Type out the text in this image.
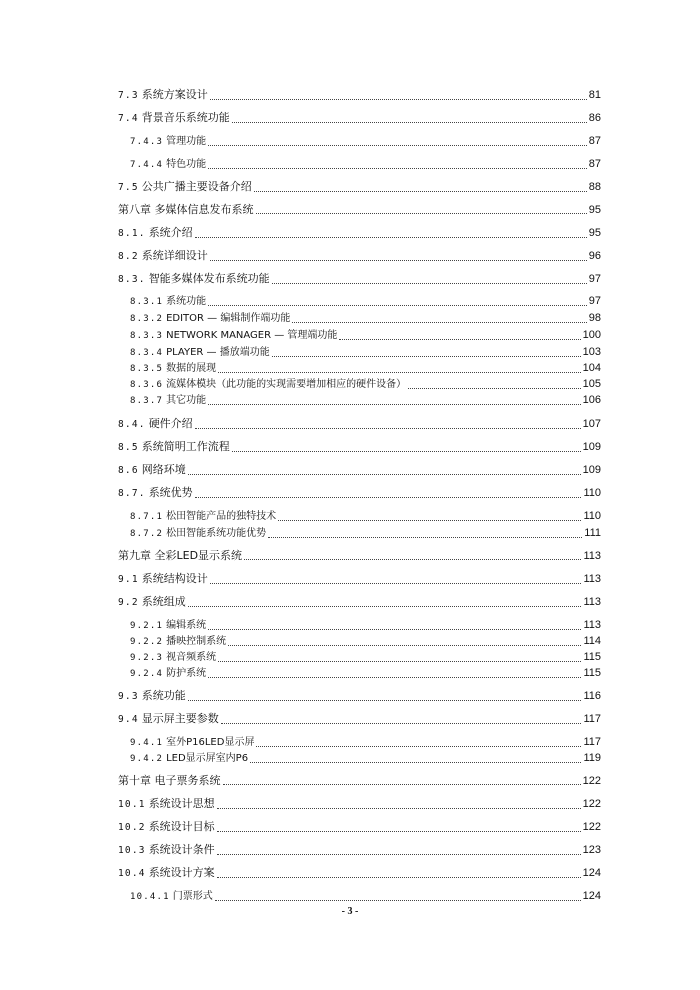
7.3 系统方案设计	81
7.4 背景音乐系统功能	86
7.4.3 管理功能	87
7.4.4 特色功能	87
7.5 公共广播主要设备介绍	88
第八章 多媒体信息发布系统	95
8.1. 系统介绍	95
8.2 系统详细设计	96
8.3. 智能多媒体发布系统功能	97
8.3.1 系统功能	97
8.3.2 EDITOR — 编辑制作端功能	98
8.3.3 NETWORK MANAGER — 管理端功能	100
8.3.4 PLAYER — 播放端功能	103
8.3.5 数据的展现	104
8.3.6 流媒体模块（此功能的实现需要增加相应的硬件设备）	105
8.3.7 其它功能	106
8.4. 硬件介绍	107
8.5 系统简明工作流程	109
8.6 网络环境	109
8.7. 系统优势	110
8.7.1 松田智能产品的独特技术	110
8.7.2 松田智能系统功能优势	111
第九章 全彩LED显示系统	113
9.1 系统结构设计	113
9.2 系统组成	113
9.2.1 编辑系统	113
9.2.2 播映控制系统	114
9.2.3 视音频系统	115
9.2.4 防护系统	115
9.3 系统功能	116
9.4 显示屏主要参数	117
9.4.1 室外P16LED显示屏	117
9.4.2 LED显示屏室内P6	119
第十章 电子票务系统	122
10.1 系统设计思想	122
10.2 系统设计目标	122
10.3 系统设计条件	123
10.4 系统设计方案	124
10.4.1 门票形式	124
- 3 -
